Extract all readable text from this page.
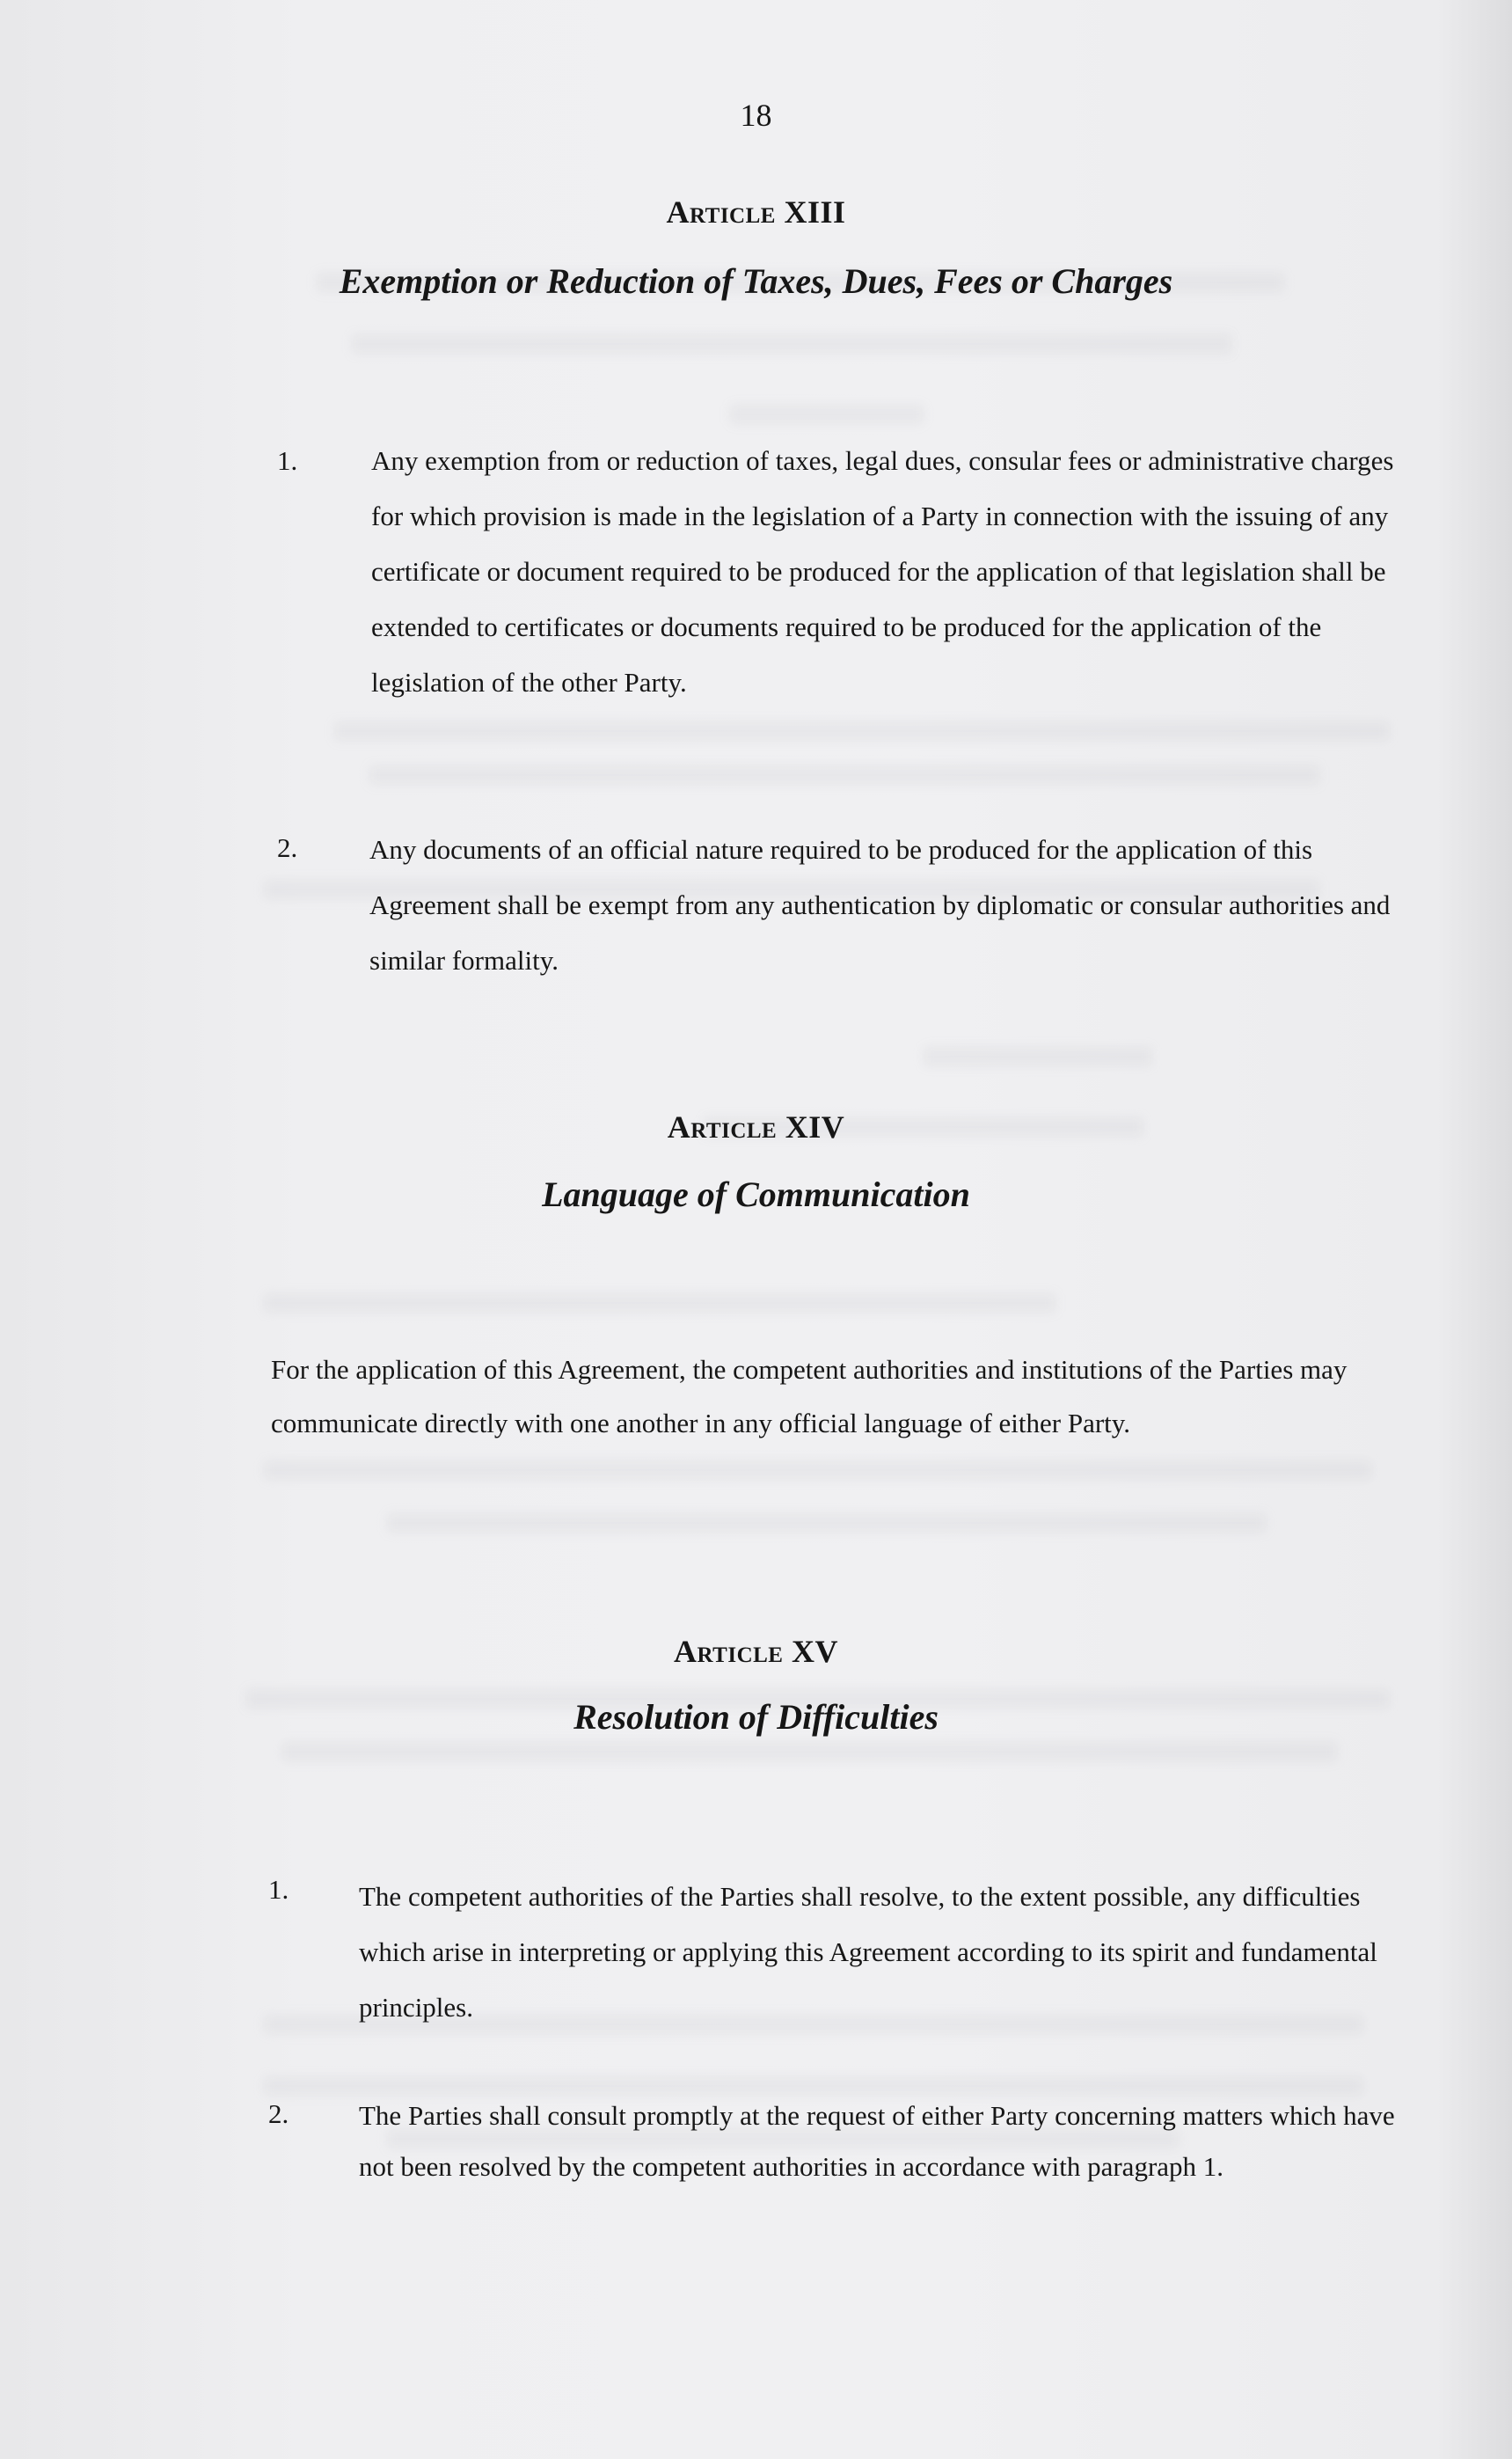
18
Article XIII
Exemption or Reduction of Taxes, Dues, Fees or Charges
1.	Any exemption from or reduction of taxes, legal dues, consular fees or administrative charges for which provision is made in the legislation of a Party in connection with the issuing of any certificate or document required to be produced for the application of that legislation shall be extended to certificates or documents required to be produced for the application of the legislation of the other Party.
2.	Any documents of an official nature required to be produced for the application of this Agreement shall be exempt from any authentication by diplomatic or consular authorities and similar formality.
Article XIV
Language of Communication
For the application of this Agreement, the competent authorities and institutions of the Parties may communicate directly with one another in any official language of either Party.
Article XV
Resolution of Difficulties
1.	The competent authorities of the Parties shall resolve, to the extent possible, any difficulties which arise in interpreting or applying this Agreement according to its spirit and fundamental principles.
2.	The Parties shall consult promptly at the request of either Party concerning matters which have not been resolved by the competent authorities in accordance with paragraph 1.
